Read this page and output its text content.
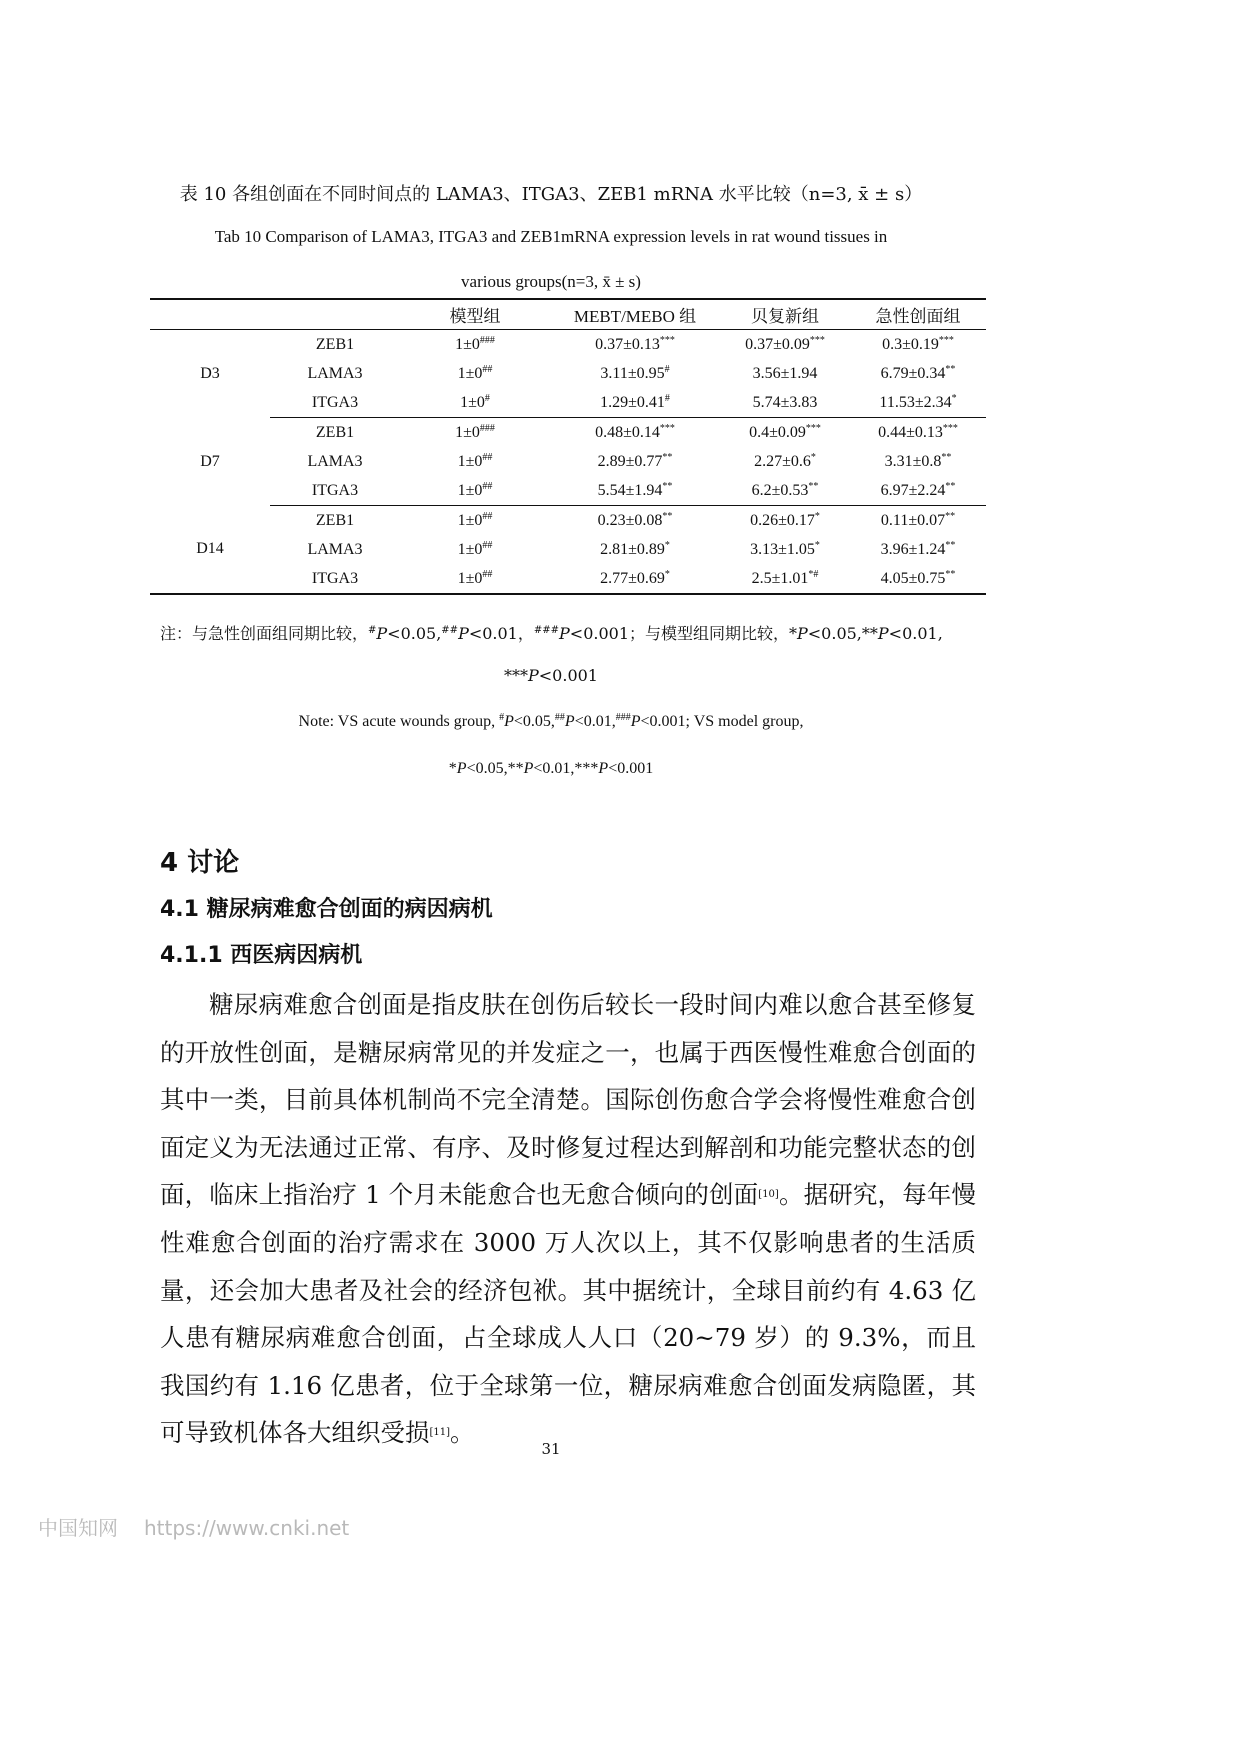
表 10 各组创面在不同时间点的 LAMA3、ITGA3、ZEB1 mRNA 水平比较（n=3, x̄ ± s）
Tab 10 Comparison of LAMA3, ITGA3 and ZEB1mRNA expression levels in rat wound tissues in
various groups(n=3, x̄ ± s)
		模型组	MEBT/MEBO 组	贝复新组	急性创面组
D3	ZEB1	1±0###	0.37±0.13***	0.37±0.09***	0.3±0.19***
	LAMA3	1±0##	3.11±0.95#	3.56±1.94	6.79±0.34**
	ITGA3	1±0#	1.29±0.41#	5.74±3.83	11.53±2.34*
D7	ZEB1	1±0###	0.48±0.14***	0.4±0.09***	0.44±0.13***
	LAMA3	1±0##	2.89±0.77**	2.27±0.6*	3.31±0.8**
	ITGA3	1±0##	5.54±1.94**	6.2±0.53**	6.97±2.24**
D14	ZEB1	1±0##	0.23±0.08**	0.26±0.17*	0.11±0.07**
	LAMA3	1±0##	2.81±0.89*	3.13±1.05*	3.96±1.24**
	ITGA3	1±0##	2.77±0.69*	2.5±1.01*#	4.05±0.75**
注：与急性创面组同期比较，#P<0.05,##P<0.01，###P<0.001；与模型组同期比较，*P<0.05,**P<0.01,
***P<0.001
Note: VS acute wounds group, #P<0.05,##P<0.01,###P<0.001; VS model group,
*P<0.05,**P<0.01,***P<0.001
4 讨论
4.1 糖尿病难愈合创面的病因病机
4.1.1 西医病因病机

糖尿病难愈合创面是指皮肤在创伤后较长一段时间内难以愈合甚至修复的开放性创面，是糖尿病常见的并发症之一，也属于西医慢性难愈合创面的其中一类，目前具体机制尚不完全清楚。国际创伤愈合学会将慢性难愈合创面定义为无法通过正常、有序、及时修复过程达到解剖和功能完整状态的创面，临床上指治疗 1 个月未能愈合也无愈合倾向的创面[10]。据研究，每年慢性难愈合创面的治疗需求在 3000 万人次以上，其不仅影响患者的生活质量，还会加大患者及社会的经济包袱。其中据统计，全球目前约有 4.63 亿人患有糖尿病难愈合创面，占全球成人人口（20~79 岁）的 9.3%，而且我国约有 1.16 亿患者，位于全球第一位，糖尿病难愈合创面发病隐匿，其可导致机体各大组织受损[11]。

31
中国知网 https://www.cnki.net
